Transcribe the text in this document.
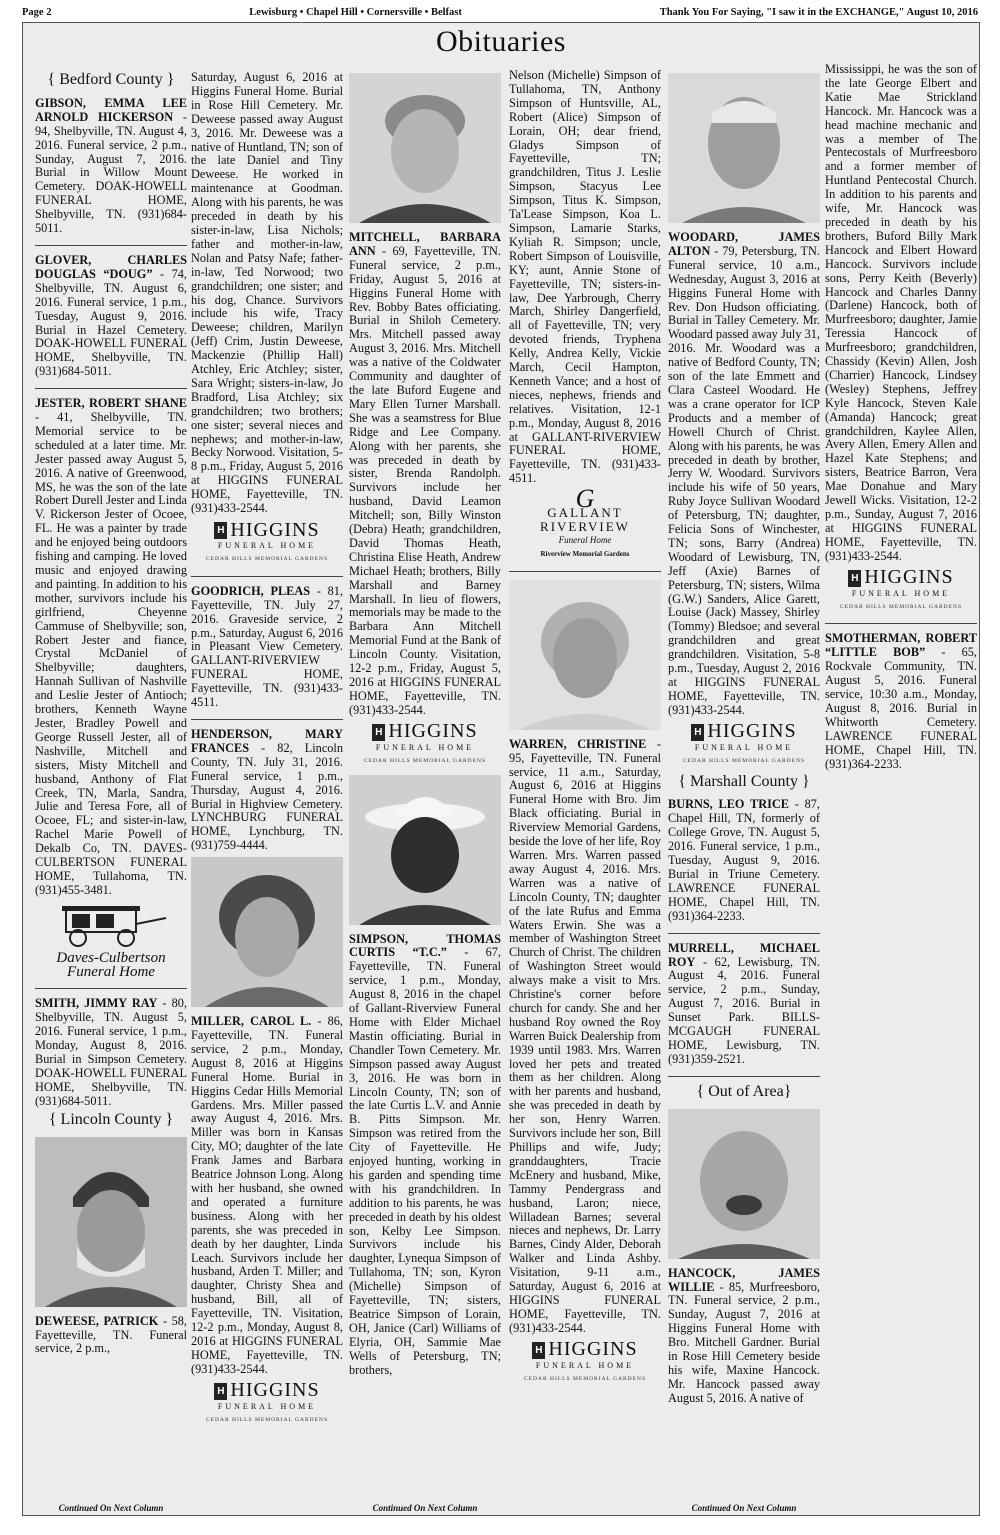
Page 2	Lewisburg • Chapel Hill • Cornersville • Belfast	Thank You For Saying, "I saw it in the EXCHANGE," August 10, 2016
Obituaries
{ Bedford County }

GIBSON, EMMA LEE ARNOLD HICKERSON - 94, Shelbyville, TN. August 4, 2016. Funeral service, 2 p.m., Sunday, August 7, 2016. Burial in Willow Mount Cemetery. DOAK-HOWELL FUNERAL HOME, Shelbyville, TN. (931)684-5011.

GLOVER, CHARLES DOUGLAS “DOUG” - 74, Shelbyville, TN. August 6, 2016. Funeral service, 1 p.m., Tuesday, August 9, 2016. Burial in Hazel Cemetery. DOAK-HOWELL FUNERAL HOME, Shelbyville, TN. (931)684-5011.

JESTER, ROBERT SHANE - 41, Shelbyville, TN. Memorial service to be scheduled at a later time. Mr. Jester passed away August 5, 2016. A native of Greenwood, MS, he was the son of the late Robert Durell Jester and Linda V. Rickerson Jester of Ocoee, FL. He was a painter by trade and he enjoyed being outdoors fishing and camping. He loved music and enjoyed drawing and painting. In addition to his mother, survivors include his girlfriend, Cheyenne Cammuse of Shelbyville; son, Robert Jester and fiance, Crystal McDaniel of Shelbyville; daughters, Hannah Sullivan of Nashville and Leslie Jester of Antioch; brothers, Kenneth Wayne Jester, Bradley Powell and George Russell Jester, all of Nashville, Mitchell and sisters, Misty Mitchell and husband, Anthony of Flat Creek, TN, Marla, Sandra, Julie and Teresa Fore, all of Ocoee, FL; and sister-in-law, Rachel Marie Powell of Dekalb Co, TN. DAVES-CULBERTSON FUNERAL HOME, Tullahoma, TN. (931)455-3481.

Daves-Culbertson
Funeral Home

SMITH, JIMMY RAY - 80, Shelbyville, TN. August 5, 2016. Funeral service, 1 p.m., Monday, August 8, 2016. Burial in Simpson Cemetery. DOAK-HOWELL FUNERAL HOME, Shelbyville, TN. (931)684-5011.

{ Lincoln County }

DEWEESE, PATRICK - 58, Fayetteville, TN. Funeral service, 2 p.m.,

Continued On Next Column

Saturday, August 6, 2016 at Higgins Funeral Home. Burial in Rose Hill Cemetery. Mr. Deweese passed away August 3, 2016. Mr. Deweese was a native of Huntland, TN; son of the late Daniel and Tiny Deweese. He worked in maintenance at Goodman. Along with his parents, he was preceded in death by his sister-in-law, Lisa Nichols; father and mother-in-law, Nolan and Patsy Nafe; father-in-law, Ted Norwood; two grandchildren; one sister; and his dog, Chance. Survivors include his wife, Tracy Deweese; children, Marilyn (Jeff) Crim, Justin Deweese, Mackenzie (Phillip Hall) Atchley, Eric Atchley; sister, Sara Wright; sisters-in-law, Jo Bradford, Lisa Atchley; six grandchildren; two brothers; one sister; several nieces and nephews; and mother-in-law, Becky Norwood. Visitation, 5-8 p.m., Friday, August 5, 2016 at HIGGINS FUNERAL HOME, Fayetteville, TN. (931)433-2544.

H HIGGINS
FUNERAL HOME
CEDAR HILLS MEMORIAL GARDENS

GOODRICH, PLEAS - 81, Fayetteville, TN. July 27, 2016. Graveside service, 2 p.m., Saturday, August 6, 2016 in Pleasant View Cemetery. GALLANT-RIVERVIEW FUNERAL HOME, Fayetteville, TN. (931)433-4511.

HENDERSON, MARY FRANCES - 82, Lincoln County, TN. July 31, 2016. Funeral service, 1 p.m., Thursday, August 4, 2016. Burial in Highview Cemetery. LYNCHBURG FUNERAL HOME, Lynchburg, TN. (931)759-4444.

MILLER, CAROL L. - 86, Fayetteville, TN. Funeral service, 2 p.m., Monday, August 8, 2016 at Higgins Funeral Home. Burial in Higgins Cedar Hills Memorial Gardens. Mrs. Miller passed away August 4, 2016. Mrs. Miller was born in Kansas City, MO; daughter of the late Frank James and Barbara Beatrice Johnson Long. Along with her husband, she owned and operated a furniture business. Along with her parents, she was preceded in death by her daughter, Linda Leach. Survivors include her husband, Arden T. Miller; and daughter, Christy Shea and husband, Bill, all of Fayetteville, TN. Visitation, 12-2 p.m., Monday, August 8, 2016 at HIGGINS FUNERAL HOME, Fayetteville, TN. (931)433-2544.

H HIGGINS
FUNERAL HOME
CEDAR HILLS MEMORIAL GARDENS

MITCHELL, BARBARA ANN - 69, Fayetteville, TN. Funeral service, 2 p.m., Friday, August 5, 2016 at Higgins Funeral Home with Rev. Bobby Bates officiating. Burial in Shiloh Cemetery. Mrs. Mitchell passed away August 3, 2016. Mrs. Mitchell was a native of the Coldwater Community and daughter of the late Buford Eugene and Mary Ellen Turner Marshall. She was a seamstress for Blue Ridge and Lee Company. Along with her parents, she was preceded in death by sister, Brenda Randolph. Survivors include her husband, David Leamon Mitchell; son, Billy Winston (Debra) Heath; grandchildren, David Thomas Heath, Christina Elise Heath, Andrew Michael Heath; brothers, Billy Marshall and Barney Marshall. In lieu of flowers, memorials may be made to the Barbara Ann Mitchell Memorial Fund at the Bank of Lincoln County. Visitation, 12-2 p.m., Friday, August 5, 2016 at HIGGINS FUNERAL HOME, Fayetteville, TN. (931)433-2544.

H HIGGINS
FUNERAL HOME
CEDAR HILLS MEMORIAL GARDENS

SIMPSON, THOMAS CURTIS “T.C.” - 67, Fayetteville, TN. Funeral service, 1 p.m., Monday, August 8, 2016 in the chapel of Gallant-Riverview Funeral Home with Elder Michael Mastin officiating. Burial in Chandler Town Cemetery. Mr. Simpson passed away August 3, 2016. He was born in Lincoln County, TN; son of the late Curtis L.V. and Annie B. Pitts Simpson. Mr. Simpson was retired from the City of Fayetteville. He enjoyed hunting, working in his garden and spending time with his grandchildren. In addition to his parents, he was preceded in death by his oldest son, Kelby Lee Simpson. Survivors include his daughter, Lynequa Simpson of Tullahoma, TN; son, Kyron (Michelle) Simpson of Fayetteville, TN; sisters, Beatrice Simpson of Lorain, OH, Janice (Carl) Williams of Elyria, OH, Sammie Mae Wells of Petersburg, TN; brothers,

Continued On Next Column

Nelson (Michelle) Simpson of Tullahoma, TN, Anthony Simpson of Huntsville, AL, Robert (Alice) Simpson of Lorain, OH; dear friend, Gladys Simpson of Fayetteville, TN; grandchildren, Titus J. Leslie Simpson, Stacyus Lee Simpson, Titus K. Simpson, Ta'Lease Simpson, Koa L. Simpson, Lamarie Starks, Kyliah R. Simpson; uncle, Robert Simpson of Louisville, KY; aunt, Annie Stone of Fayetteville, TN; sisters-in-law, Dee Yarbrough, Cherry March, Shirley Dangerfield, all of Fayetteville, TN; very devoted friends, Tryphena Kelly, Andrea Kelly, Vickie March, Cecil Hampton, Kenneth Vance; and a host of nieces, nephews, friends and relatives. Visitation, 12-1 p.m., Monday, August 8, 2016 at GALLANT-RIVERVIEW FUNERAL HOME, Fayetteville, TN. (931)433-4511.

G
GALLANT
RIVERVIEW
Funeral Home
Riverview Memorial Gardens

WARREN, CHRISTINE - 95, Fayetteville, TN. Funeral service, 11 a.m., Saturday, August 6, 2016 at Higgins Funeral Home with Bro. Jim Black officiating. Burial in Riverview Memorial Gardens, beside the love of her life, Roy Warren. Mrs. Warren passed away August 4, 2016. Mrs. Warren was a native of Lincoln County, TN; daughter of the late Rufus and Emma Waters Erwin. She was a member of Washington Street Church of Christ. The children of Washington Street would always make a visit to Mrs. Christine's corner before church for candy. She and her husband Roy owned the Roy Warren Buick Dealership from 1939 until 1983. Mrs. Warren loved her pets and treated them as her children. Along with her parents and husband, she was preceded in death by her son, Henry Warren. Survivors include her son, Bill Phillips and wife, Judy; granddaughters, Tracie McEnery and husband, Mike, Tammy Pendergrass and husband, Laron; niece, Willadean Barnes; several nieces and nephews, Dr. Larry Barnes, Cindy Alder, Deborah Walker and Linda Ashby. Visitation, 9-11 a.m., Saturday, August 6, 2016 at HIGGINS FUNERAL HOME, Fayetteville, TN. (931)433-2544.

H HIGGINS
FUNERAL HOME
CEDAR HILLS MEMORIAL GARDENS

WOODARD, JAMES ALTON - 79, Petersburg, TN. Funeral service, 10 a.m., Wednesday, August 3, 2016 at Higgins Funeral Home with Rev. Don Hudson officiating. Burial in Talley Cemetery. Mr. Woodard passed away July 31, 2016. Mr. Woodard was a native of Bedford County, TN; son of the late Emmett and Clara Casteel Woodard. He was a crane operator for ICP Products and a member of Howell Church of Christ. Along with his parents, he was preceded in death by brother, Jerry W. Woodard. Survivors include his wife of 50 years, Ruby Joyce Sullivan Woodard of Petersburg, TN; daughter, Felicia Sons of Winchester, TN; sons, Barry (Andrea) Woodard of Lewisburg, TN, Jeff (Axie) Barnes of Petersburg, TN; sisters, Wilma (G.W.) Sanders, Alice Garett, Louise (Jack) Massey, Shirley (Tommy) Bledsoe; and several grandchildren and great grandchildren. Visitation, 5-8 p.m., Tuesday, August 2, 2016 at HIGGINS FUNERAL HOME, Fayetteville, TN. (931)433-2544.

H HIGGINS
FUNERAL HOME
CEDAR HILLS MEMORIAL GARDENS
{ Marshall County }

BURNS, LEO TRICE - 87, Chapel Hill, TN, formerly of College Grove, TN. August 5, 2016. Funeral service, 1 p.m., Tuesday, August 9, 2016. Burial in Triune Cemetery. LAWRENCE FUNERAL HOME, Chapel Hill, TN. (931)364-2233.

MURRELL, MICHAEL ROY - 62, Lewisburg, TN. August 4, 2016. Funeral service, 2 p.m., Sunday, August 7, 2016. Burial in Sunset Park. BILLS-MCGAUGH FUNERAL HOME, Lewisburg, TN. (931)359-2521.

{ Out of Area}

HANCOCK, JAMES WILLIE - 85, Murfreesboro, TN. Funeral service, 2 p.m., Sunday, August 7, 2016 at Higgins Funeral Home with Bro. Mitchell Gardner. Burial in Rose Hill Cemetery beside his wife, Maxine Hancock. Mr. Hancock passed away August 5, 2016. A native of

Continued On Next Column

Mississippi, he was the son of the late George Elbert and Katie Mae Strickland Hancock. Mr. Hancock was a head machine mechanic and was a member of The Pentecostals of Murfreesboro and a former member of Huntland Pentecostal Church. In addition to his parents and wife, Mr. Hancock was preceded in death by his brothers, Buford Billy Mark Hancock and Elbert Howard Hancock. Survivors include sons, Perry Keith (Beverly) Hancock and Charles Danny (Darlene) Hancock, both of Murfreesboro; daughter, Jamie Teressia Hancock of Murfreesboro; grandchildren, Chassidy (Kevin) Allen, Josh (Charrier) Hancock, Lindsey (Wesley) Stephens, Jeffrey Kyle Hancock, Steven Kale (Amanda) Hancock; great grandchildren, Kaylee Allen, Avery Allen, Emery Allen and Hazel Kate Stephens; and sisters, Beatrice Barron, Vera Mae Donahue and Mary Jewell Wicks. Visitation, 12-2 p.m., Sunday, August 7, 2016 at HIGGINS FUNERAL HOME, Fayetteville, TN. (931)433-2544.

H HIGGINS
FUNERAL HOME
CEDAR HILLS MEMORIAL GARDENS

SMOTHERMAN, ROBERT “LITTLE BOB” - 65, Rockvale Community, TN. August 5, 2016. Funeral service, 10:30 a.m., Monday, August 8, 2016. Burial in Whitworth Cemetery. LAWRENCE FUNERAL HOME, Chapel Hill, TN. (931)364-2233.
